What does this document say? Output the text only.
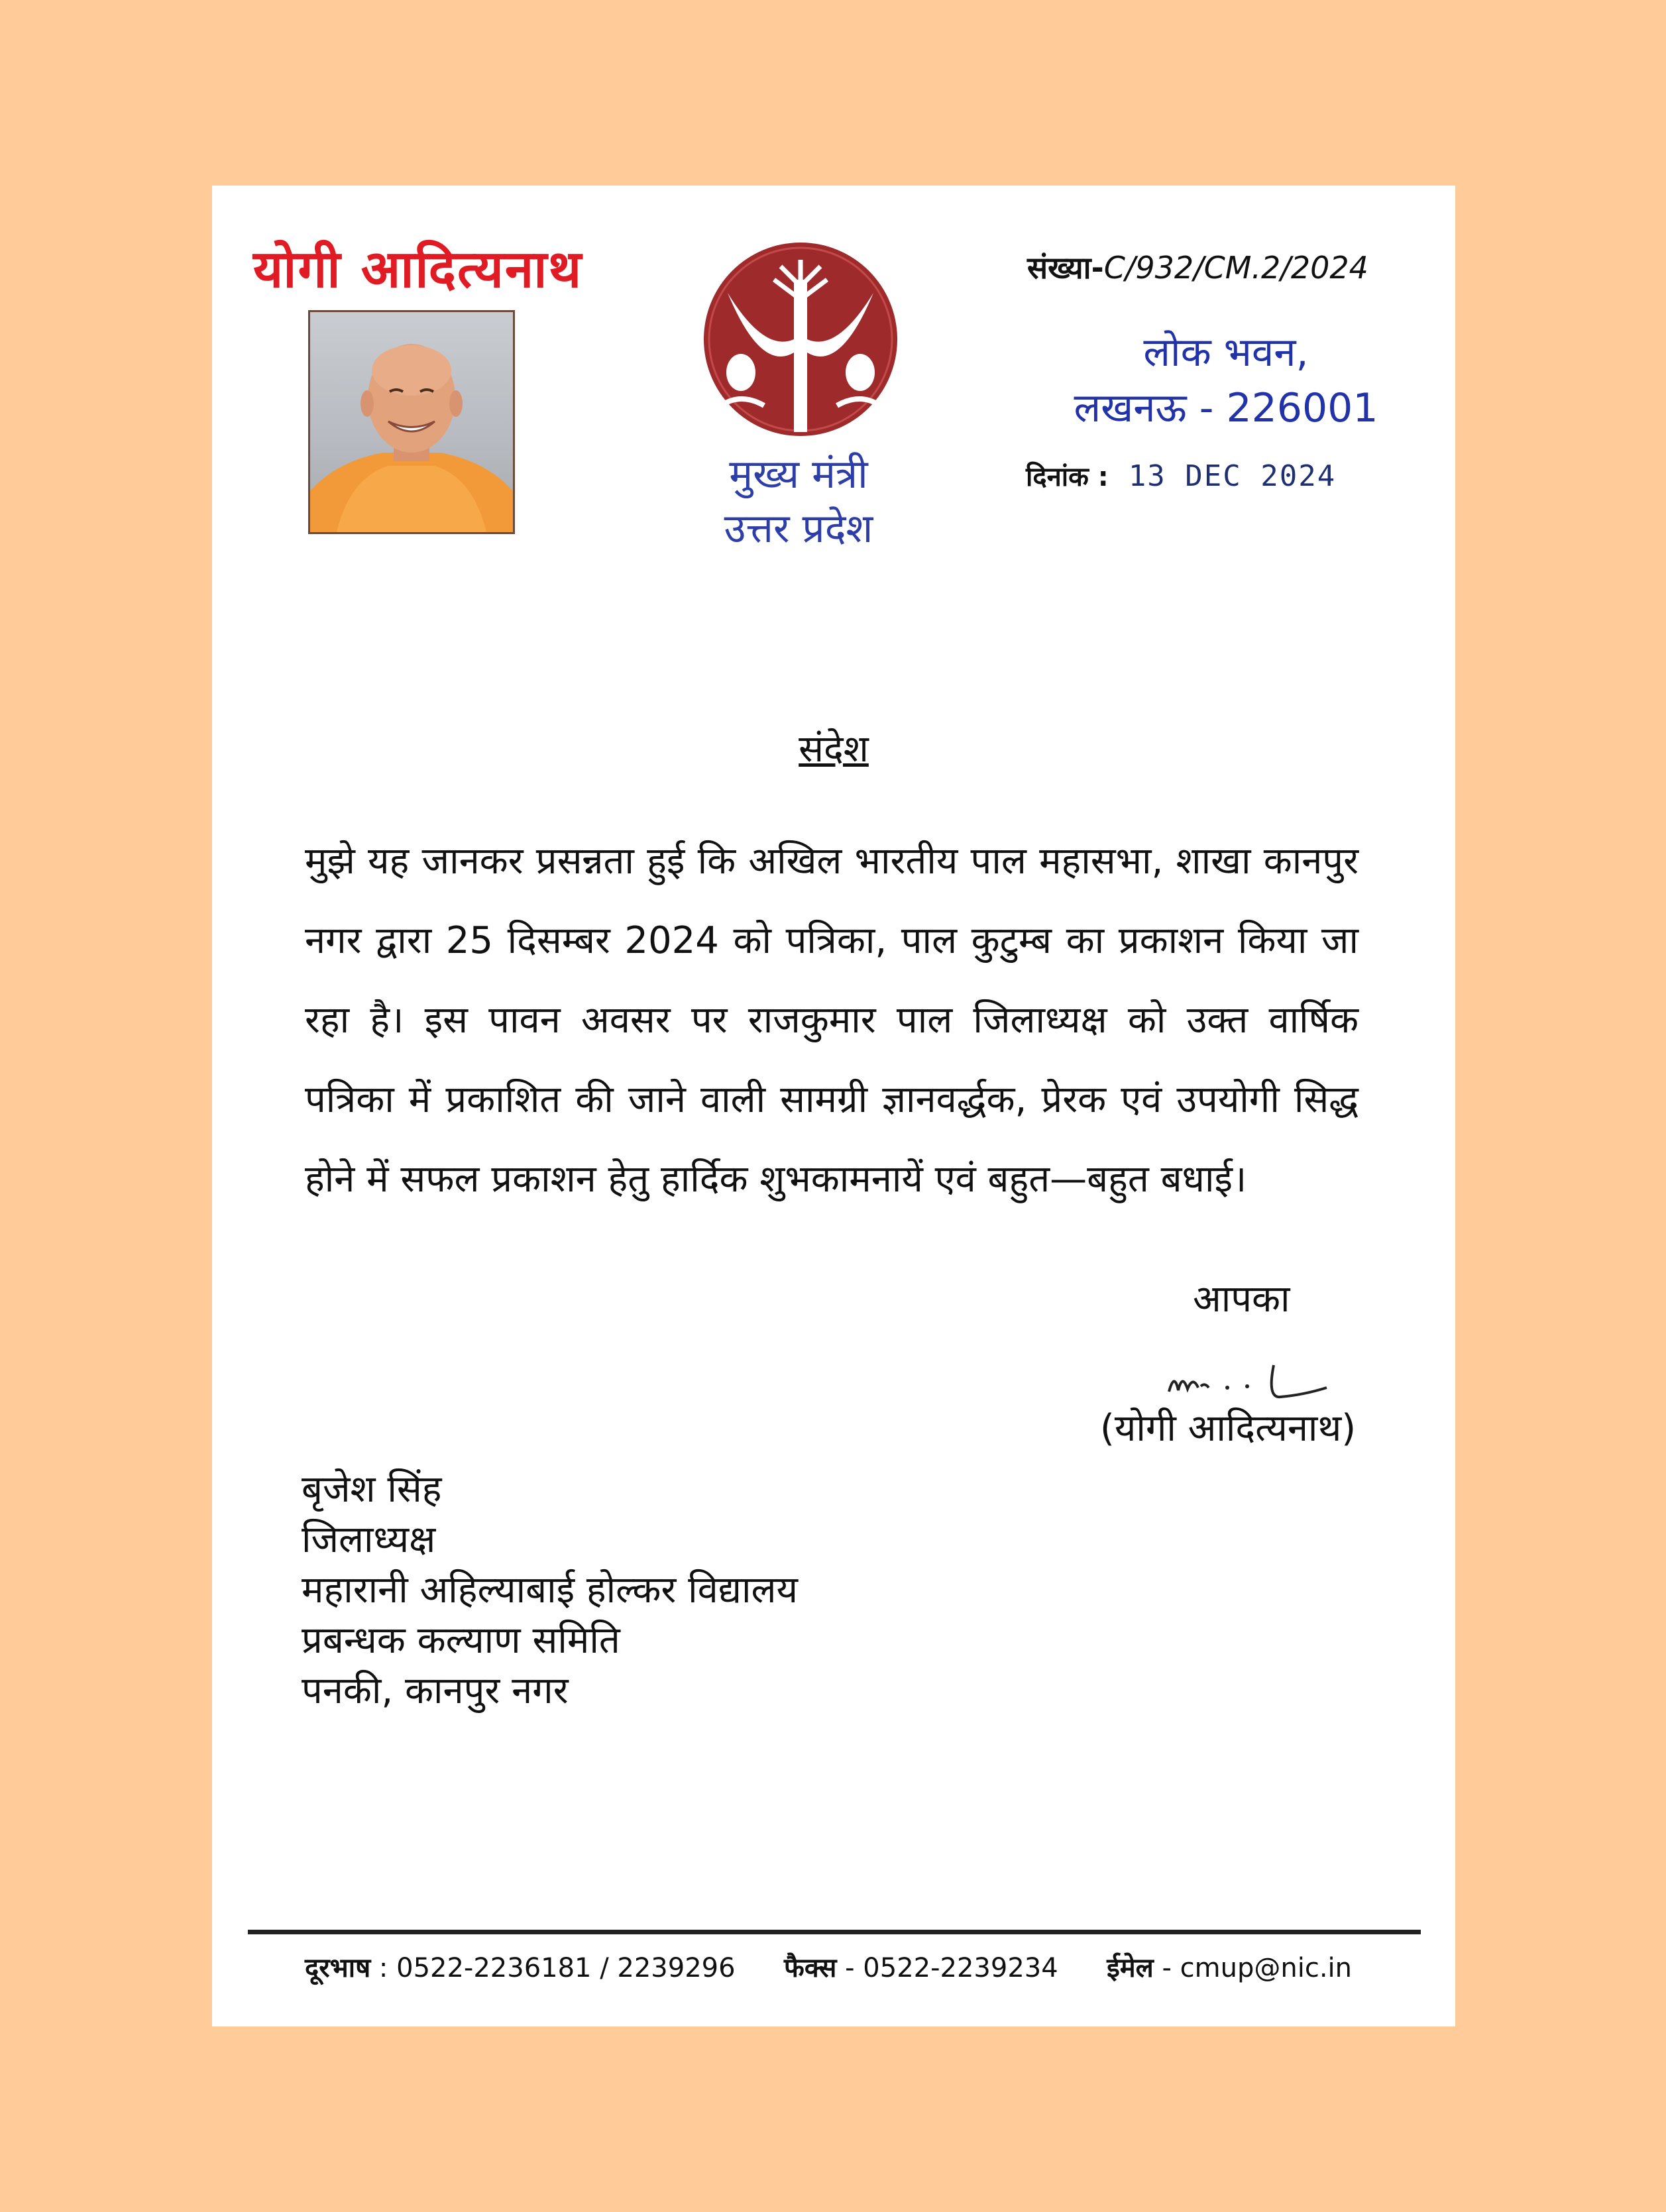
योगी आदित्यनाथ
मुख्य मंत्री
उत्तर प्रदेश
संख्या-C/932/CM.2/2024
लोक भवन,
लखनऊ - 226001
दिनांक : 13 DEC 2024
संदेश
मुझे यह जानकर प्रसन्नता हुई कि अखिल भारतीय पाल महासभा, शाखा कानपुर नगर द्वारा 25 दिसम्बर 2024 को पत्रिका, पाल कुटुम्ब का प्रकाशन किया जा रहा है। इस पावन अवसर पर राजकुमार पाल जिलाध्यक्ष को उक्त वार्षिक पत्रिका में प्रकाशित की जाने वाली सामग्री ज्ञानवर्द्धक, प्रेरक एवं उपयोगी सिद्ध होने में सफल प्रकाशन हेतु हार्दिक शुभकामनायें एवं बहुत—बहुत बधाई।
आपका
(योगी आदित्यनाथ)
बृजेश सिंह
जिलाध्यक्ष
महारानी अहिल्याबाई होल्कर विद्यालय
प्रबन्धक कल्याण समिति
पनकी, कानपुर नगर
दूरभाष : 0522-2236181 / 2239296 फैक्स - 0522-2239234 ईमेल - cmup@nic.in
